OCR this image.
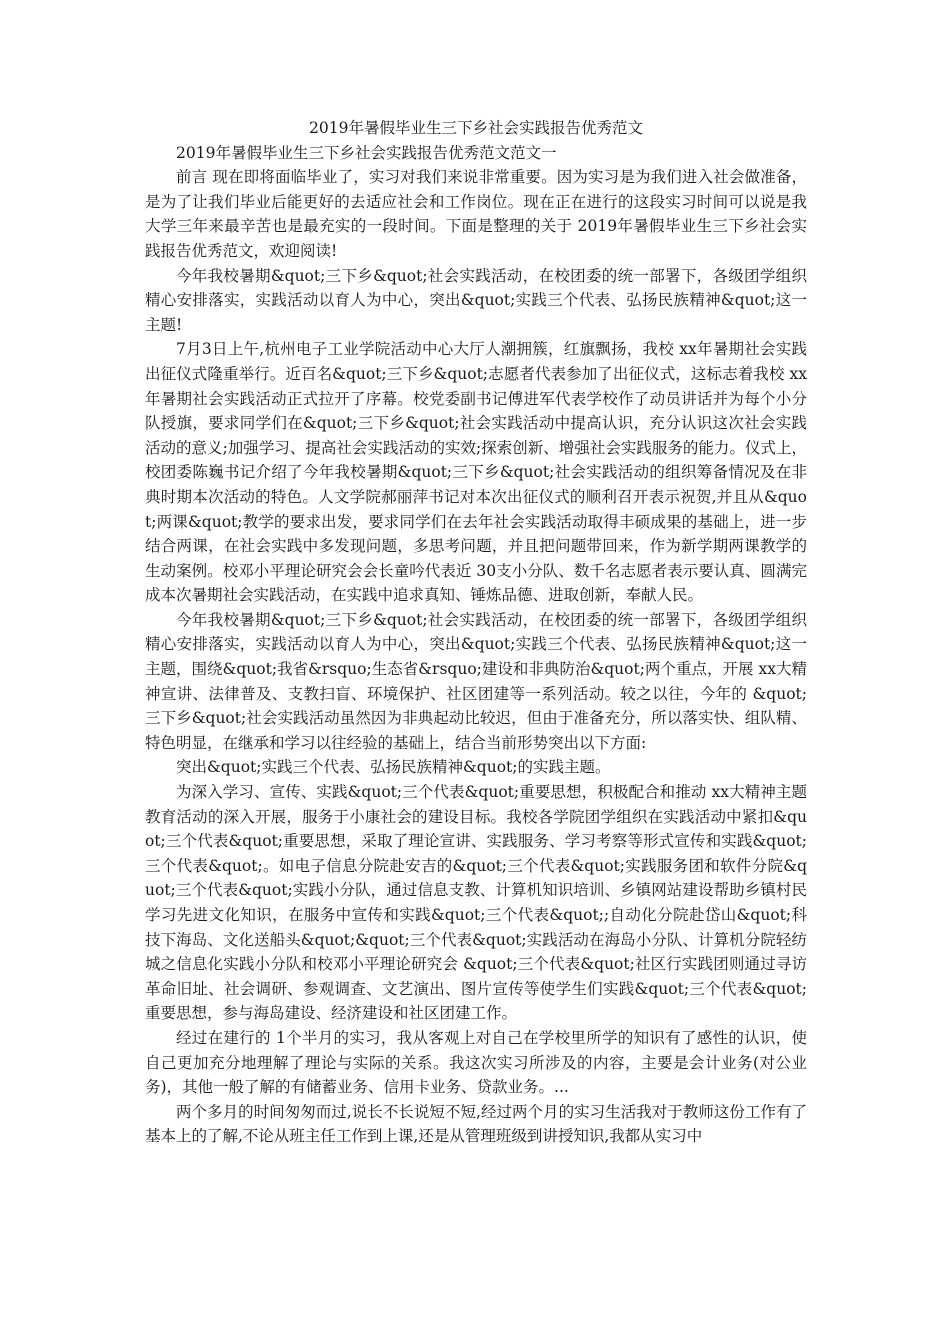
2019年暑假毕业生三下乡社会实践报告优秀范文

2019年暑假毕业生三下乡社会实践报告优秀范文范文一

前言 现在即将面临毕业了，实习对我们来说非常重要。因为实习是为我们进入社会做准备，是为了让我们毕业后能更好的去适应社会和工作岗位。现在正在进行的这段实习时间可以说是我大学三年来最辛苦也是最充实的一段时间。下面是整理的关于 2019年暑假毕业生三下乡社会实践报告优秀范文，欢迎阅读!

今年我校暑期&quot;三下乡&quot;社会实践活动，在校团委的统一部署下，各级团学组织精心安排落实，实践活动以育人为中心，突出&quot;实践三个代表、弘扬民族精神&quot;这一主题!

7月3日上午,杭州电子工业学院活动中心大厅人潮拥簇，红旗飘扬，我校 xx年暑期社会实践出征仪式隆重举行。近百名&quot;三下乡&quot;志愿者代表参加了出征仪式，这标志着我校 xx年暑期社会实践活动正式拉开了序幕。校党委副书记傅进军代表学校作了动员讲话并为每个小分队授旗，要求同学们在&quot;三下乡&quot;社会实践活动中提高认识，充分认识这次社会实践活动的意义;加强学习、提高社会实践活动的实效;探索创新、增强社会实践服务的能力。仪式上，校团委陈巍书记介绍了今年我校暑期&quot;三下乡&quot;社会实践活动的组织筹备情况及在非典时期本次活动的特色。人文学院郝丽萍书记对本次出征仪式的顺利召开表示祝贺,并且从&quot;两课&quot;教学的要求出发，要求同学们在去年社会实践活动取得丰硕成果的基础上，进一步结合两课，在社会实践中多发现问题，多思考问题，并且把问题带回来，作为新学期两课教学的生动案例。校邓小平理论研究会会长童吟代表近 30支小分队、数千名志愿者表示要认真、圆满完成本次暑期社会实践活动，在实践中追求真知、锤炼品德、进取创新，奉献人民。

今年我校暑期&quot;三下乡&quot;社会实践活动，在校团委的统一部署下，各级团学组织精心安排落实，实践活动以育人为中心，突出&quot;实践三个代表、弘扬民族精神&quot;这一主题，围绕&quot;我省&rsquo;生态省&rsquo;建设和非典防治&quot;两个重点，开展 xx大精神宣讲、法律普及、支教扫盲、环境保护、社区团建等一系列活动。较之以往，今年的 &quot;三下乡&quot;社会实践活动虽然因为非典起动比较迟，但由于准备充分，所以落实快、组队精、特色明显，在继承和学习以往经验的基础上，结合当前形势突出以下方面:

突出&quot;实践三个代表、弘扬民族精神&quot;的实践主题。

为深入学习、宣传、实践&quot;三个代表&quot;重要思想，积极配合和推动 xx大精神主题教育活动的深入开展，服务于小康社会的建设目标。我校各学院团学组织在实践活动中紧扣&quot;三个代表&quot;重要思想，采取了理论宣讲、实践服务、学习考察等形式宣传和实践&quot;三个代表&quot;。如电子信息分院赴安吉的&quot;三个代表&quot;实践服务团和软件分院&quot;三个代表&quot;实践小分队，通过信息支教、计算机知识培训、乡镇网站建设帮助乡镇村民学习先进文化知识，在服务中宣传和实践&quot;三个代表&quot;;自动化分院赴岱山&quot;科技下海岛、文化送船头&quot;&quot;三个代表&quot;实践活动在海岛小分队、计算机分院轻纺城之信息化实践小分队和校邓小平理论研究会 &quot;三个代表&quot;社区行实践团则通过寻访革命旧址、社会调研、参观调查、文艺演出、图片宣传等使学生们实践&quot;三个代表&quot;重要思想，参与海岛建设、经济建设和社区团建工作。

经过在建行的 1个半月的实习，我从客观上对自己在学校里所学的知识有了感性的认识，使自己更加充分地理解了理论与实际的关系。我这次实习所涉及的内容，主要是会计业务(对公业务)，其他一般了解的有储蓄业务、信用卡业务、贷款业务。...

两个多月的时间匆匆而过,说长不长说短不短,经过两个月的实习生活我对于教师这份工作有了基本上的了解,不论从班主任工作到上课,还是从管理班级到讲授知识,我都从实习中
